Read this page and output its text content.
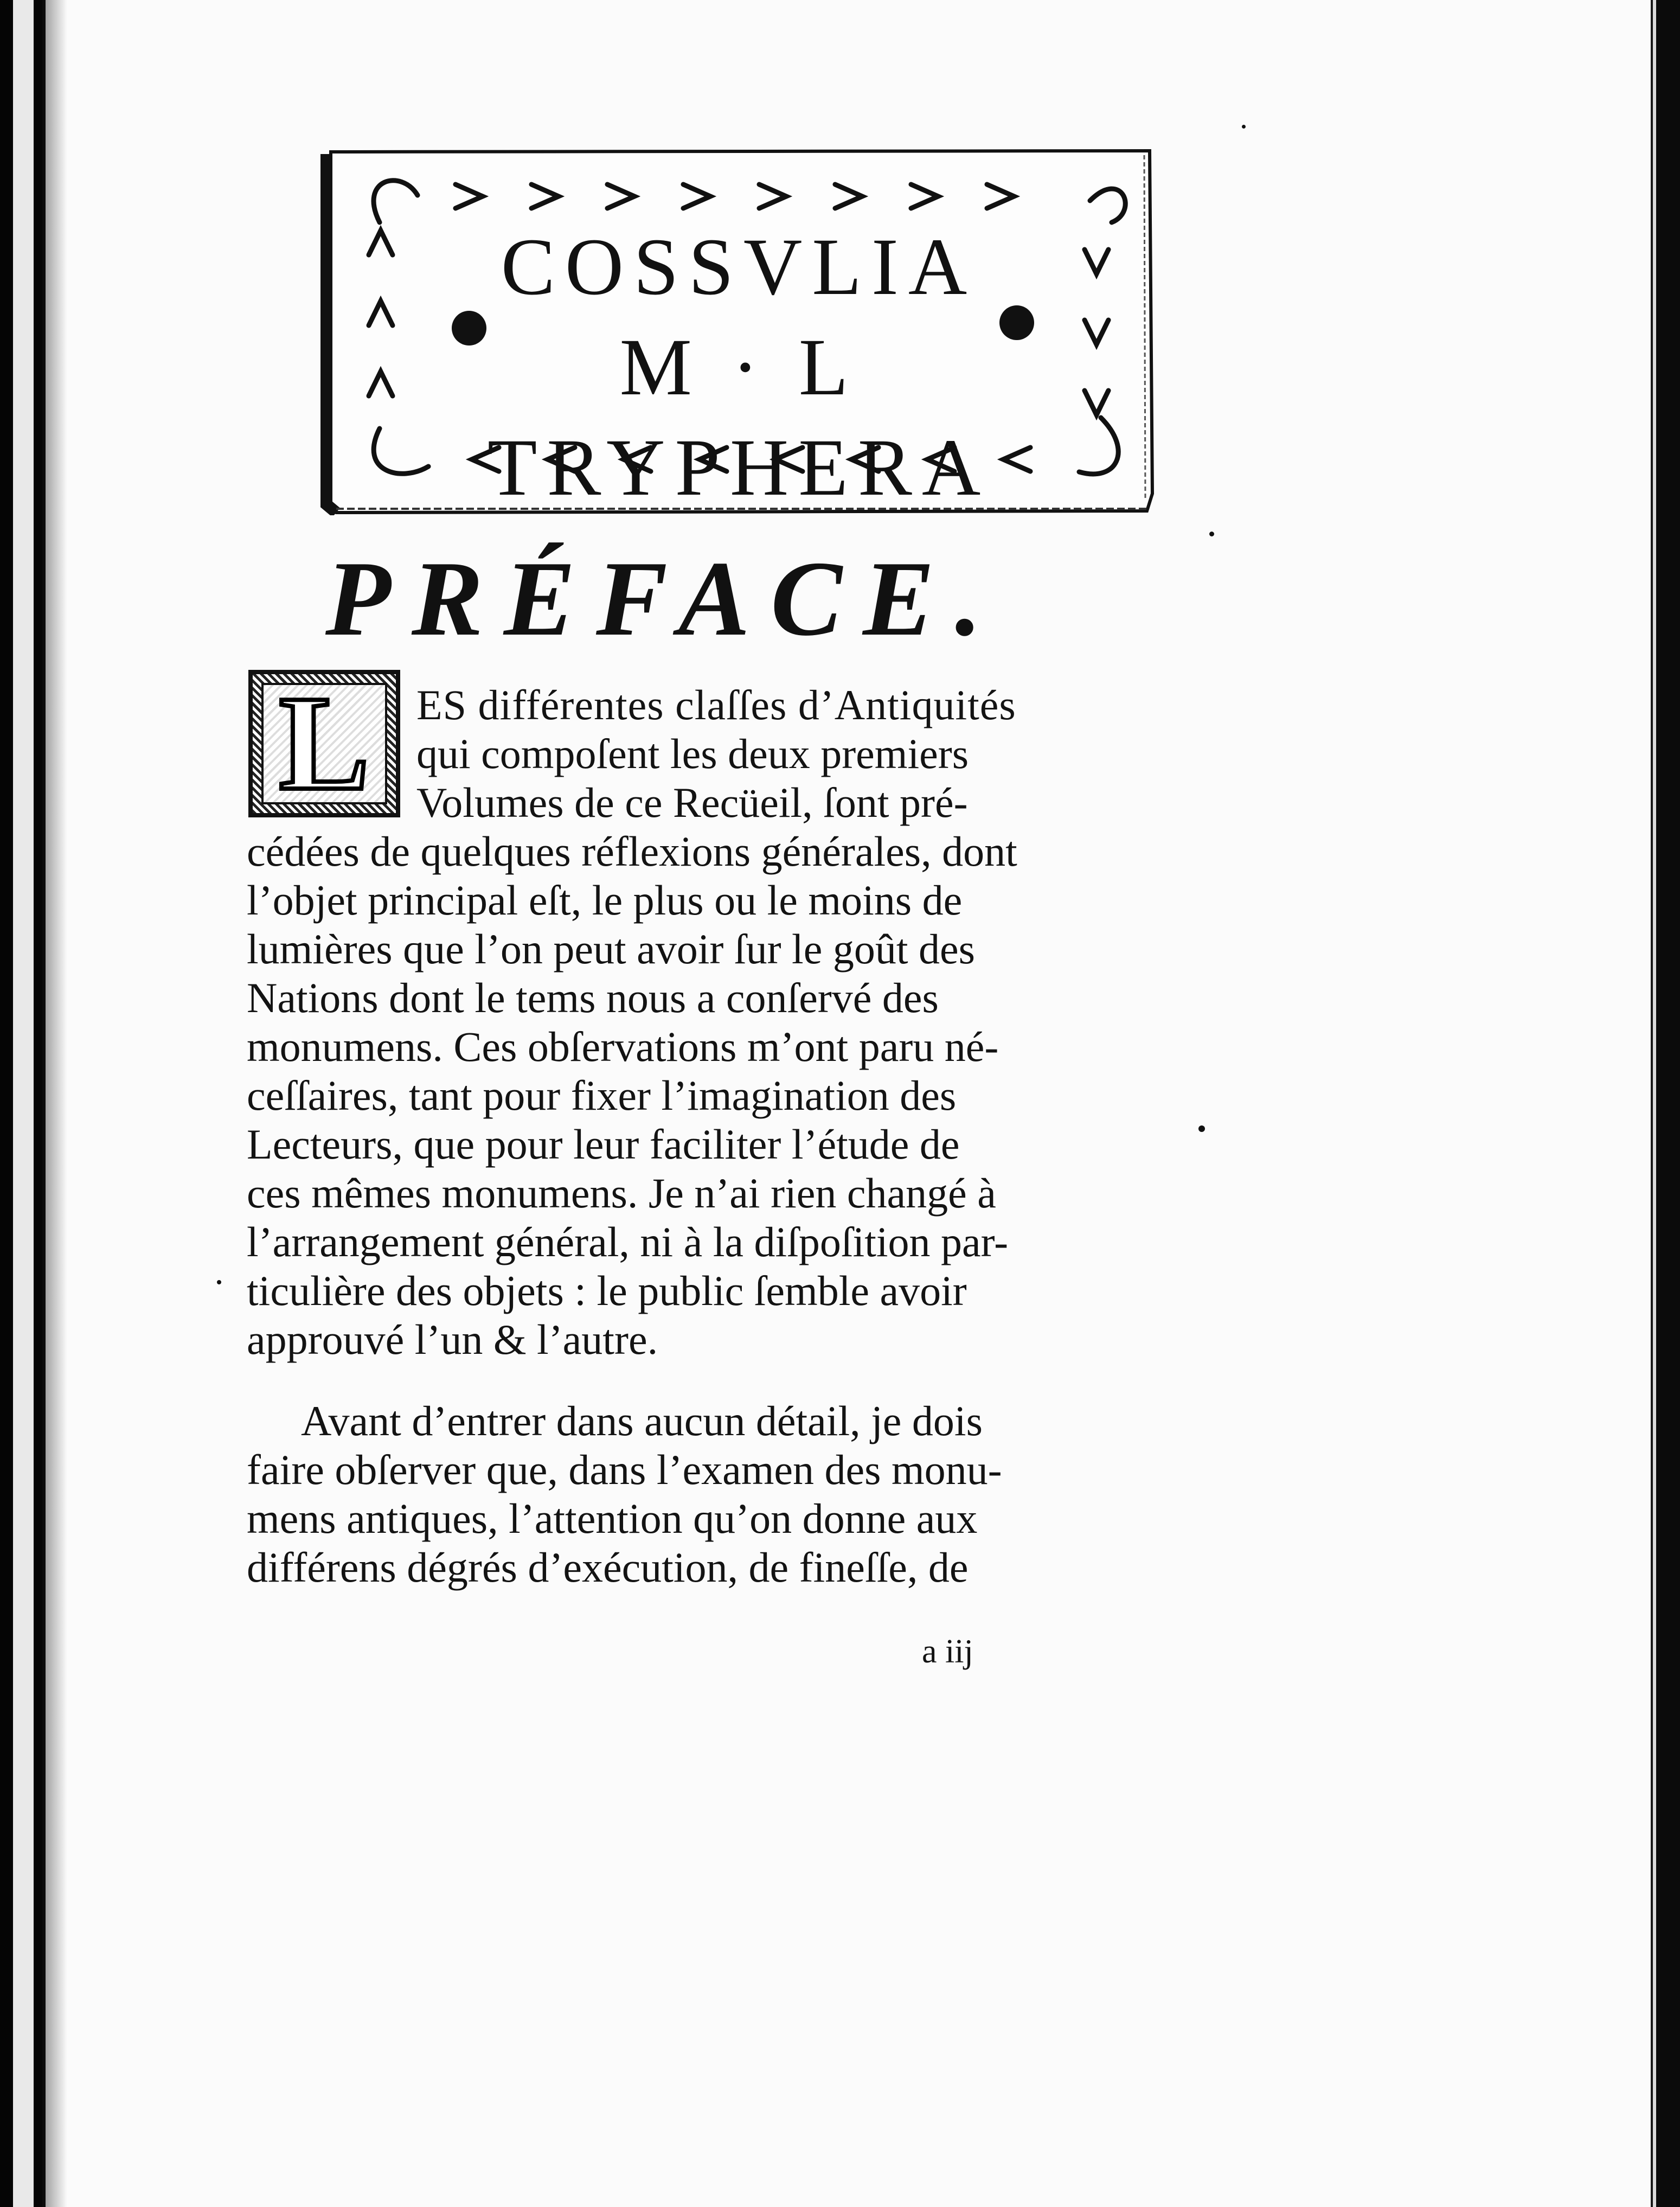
COSSVLIA
M · L
TRYPHERA
PRÉFACE.
L ES différentes claſſes d’Antiquités
qui compoſent les deux premiers
Volumes de ce Recüeil, ſont pré-
cédées de quelques réflexions générales, dont
l’objet principal eſt, le plus ou le moins de
lumières que l’on peut avoir ſur le goût des
Nations dont le tems nous a conſervé des
monumens. Ces obſervations m’ont paru né-
ceſſaires, tant pour fixer l’imagination des
Lecteurs, que pour leur faciliter l’étude de
ces mêmes monumens. Je n’ai rien changé à
l’arrangement général, ni à la diſpoſition par-
ticulière des objets : le public ſemble avoir
approuvé l’un & l’autre.
Avant d’entrer dans aucun détail, je dois
faire obſerver que, dans l’examen des monu-
mens antiques, l’attention qu’on donne aux
différens dégrés d’exécution, de fineſſe, de
a iij
